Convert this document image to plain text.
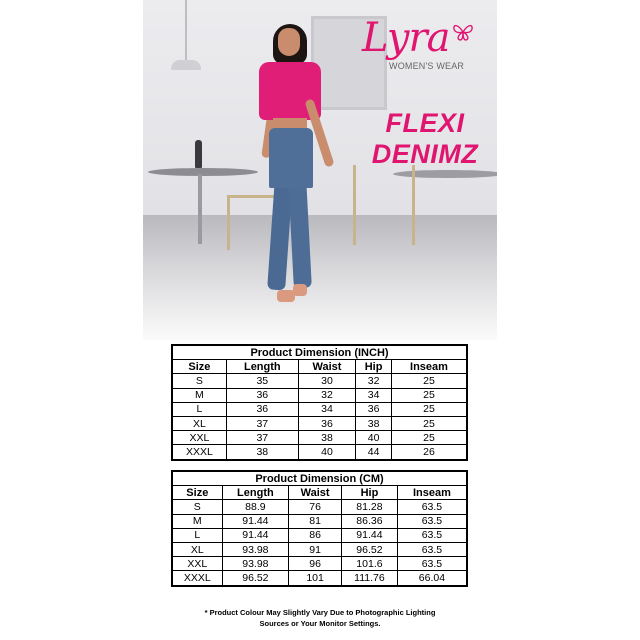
Lyra
WOMEN'S WEAR
FLEXI
DENIMZ
Product Dimension (INCH)				
Size	Length	Waist	Hip	Inseam
S	35	30	32	25
M	36	32	34	25
L	36	34	36	25
XL	37	36	38	25
XXL	37	38	40	25
XXXL	38	40	44	26
Product Dimension (CM)				
Size	Length	Waist	Hip	Inseam
S	88.9	76	81.28	63.5
M	91.44	81	86.36	63.5
L	91.44	86	91.44	63.5
XL	93.98	91	96.52	63.5
XXL	93.98	96	101.6	63.5
XXXL	96.52	101	111.76	66.04
* Product Colour May Slightly Vary Due to Photographic Lighting
Sources or Your Monitor Settings.
